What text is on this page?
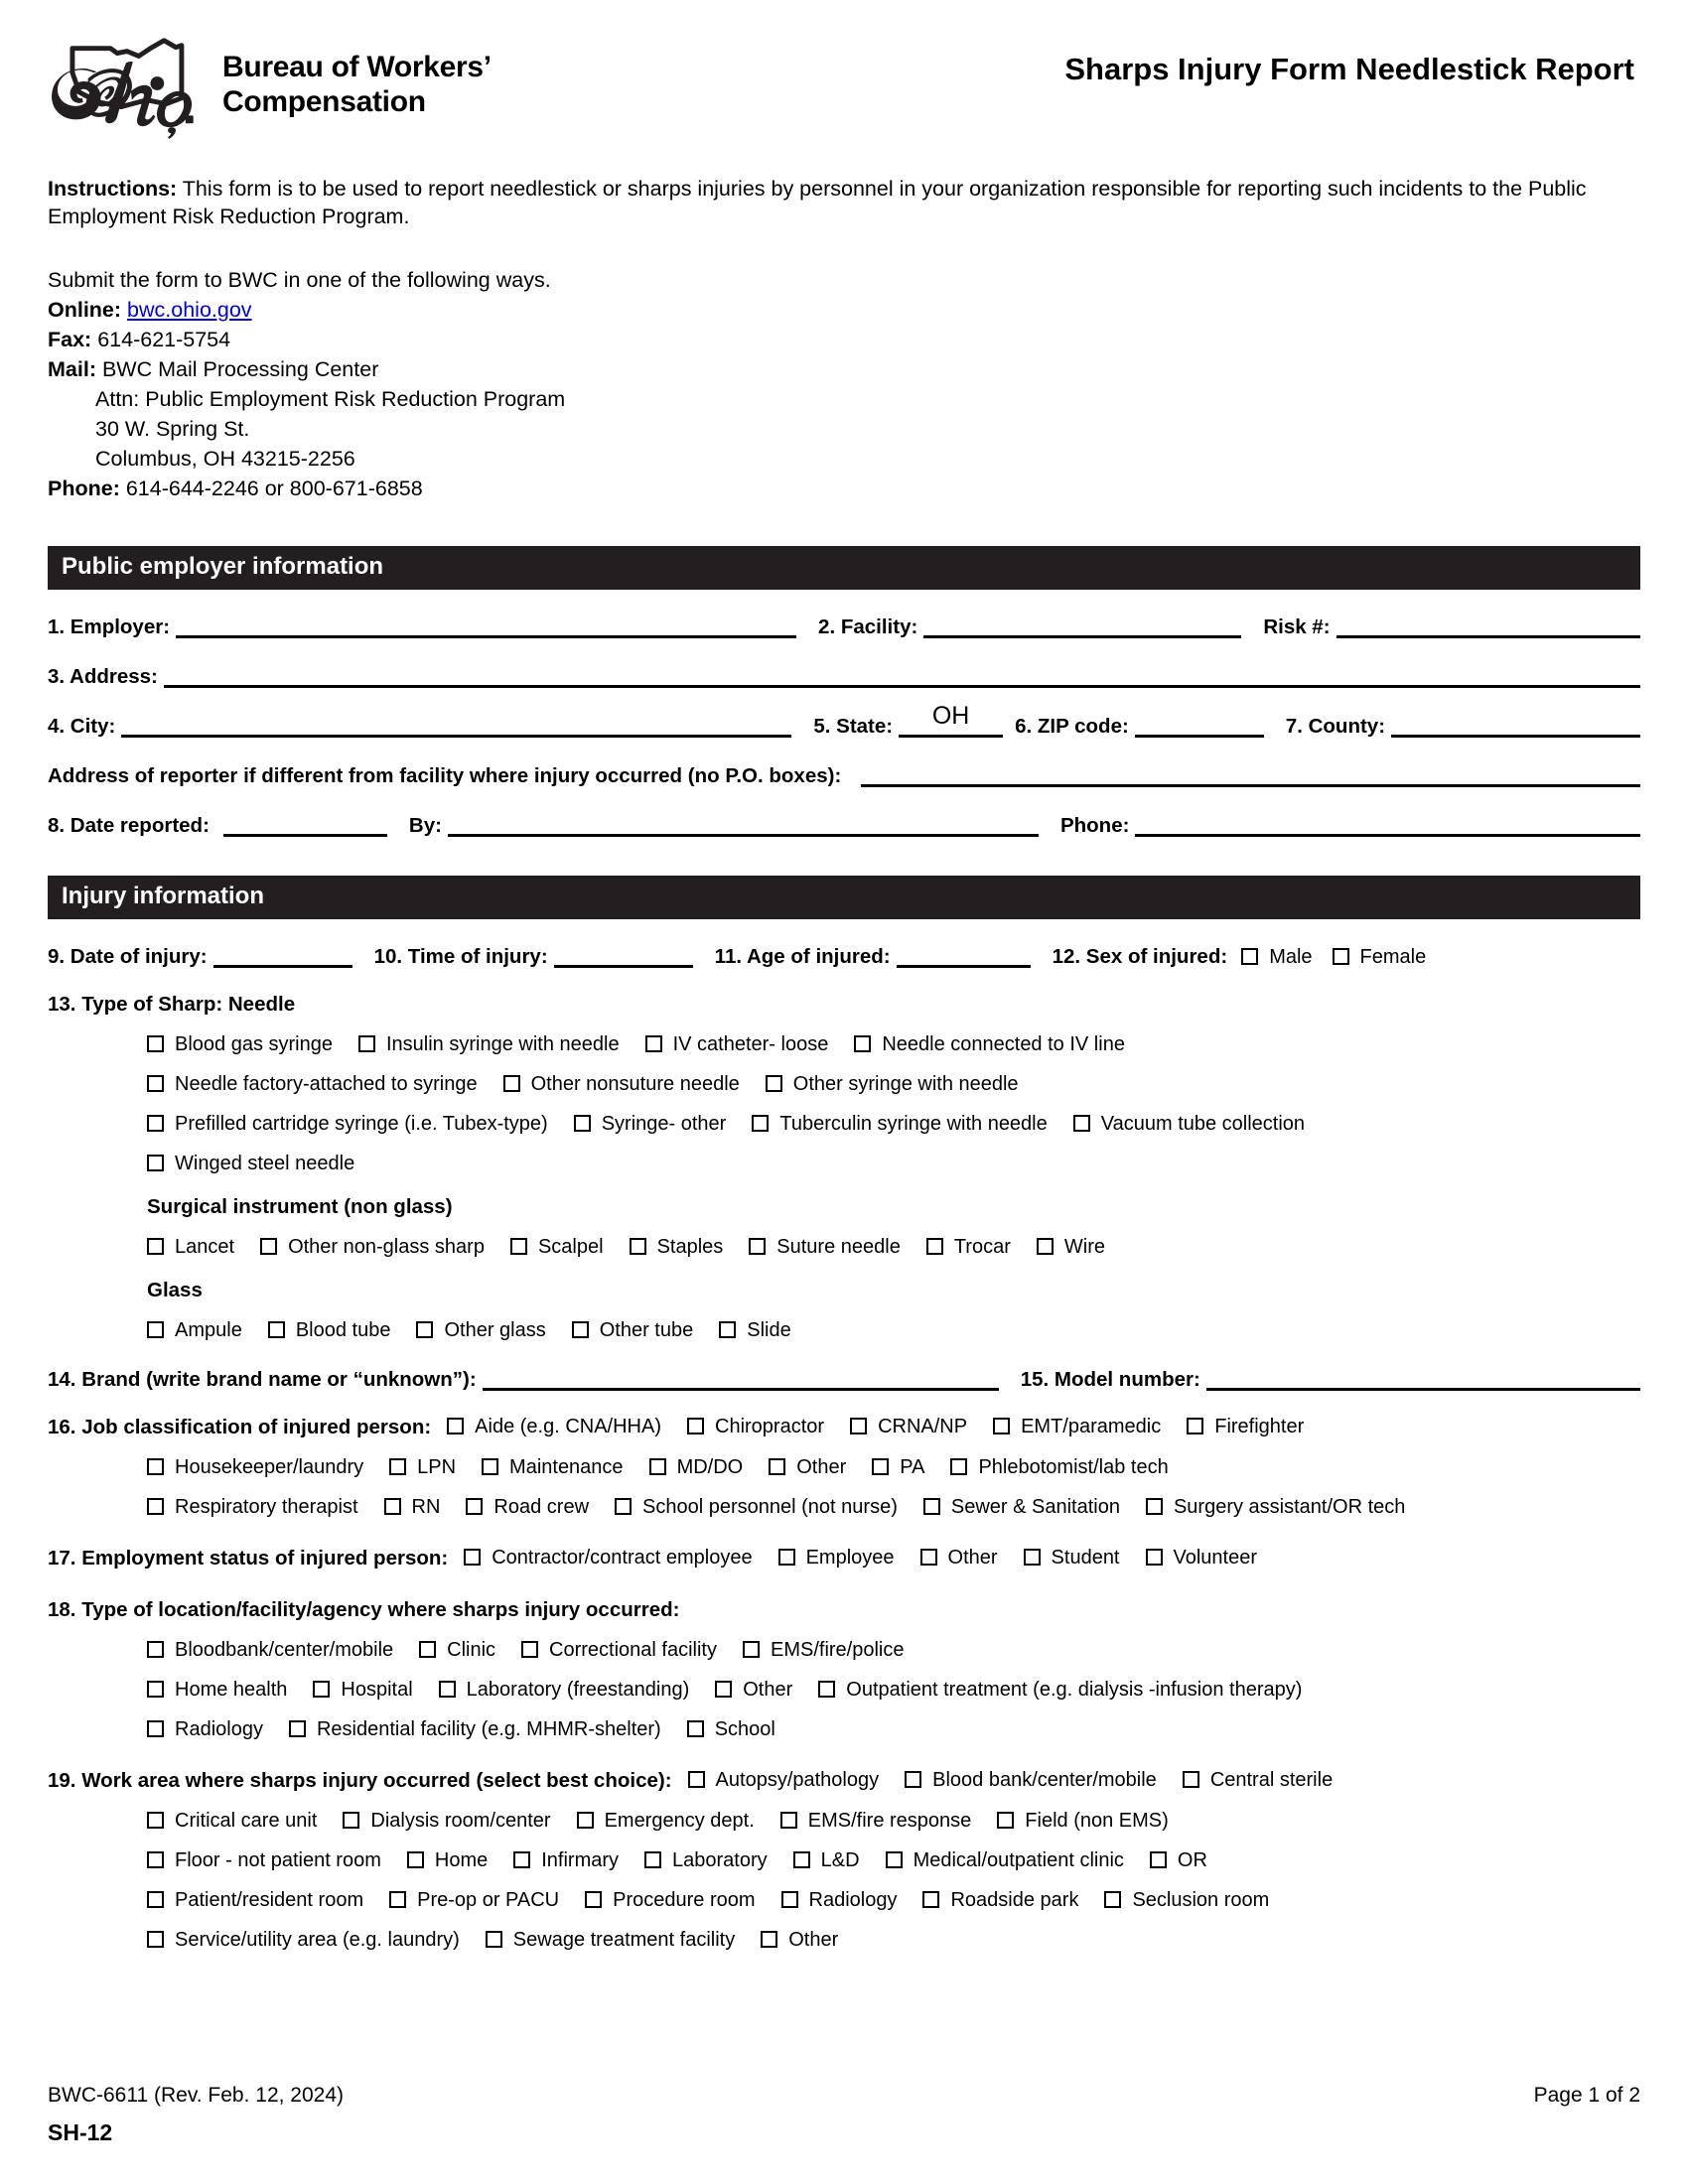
Bureau of Workers’
Compensation
Sharps Injury Form Needlestick Report
Instructions: This form is to be used to report needlestick or sharps injuries by personnel in your organization responsible for reporting such incidents to the Public Employment Risk Reduction Program.
Submit the form to BWC in one of the following ways.
Online: bwc.ohio.gov
Fax: 614-621-5754
Mail: BWC Mail Processing Center
Attn: Public Employment Risk Reduction Program
30 W. Spring St.
Columbus, OH 43215-2256
Phone: 614-644-2246 or 800-671-6858
Public employer information
1. Employer:	2. Facility:	Risk #:
3. Address:
4. City:	5. State:	OH	6. ZIP code:	7. County:
Address of reporter if different from facility where injury occurred (no P.O. boxes):
8. Date reported:	By:	Phone:
Injury information
9. Date of injury:	10. Time of injury:	11. Age of injured:	12. Sex of injured: Male Female
13. Type of Sharp: Needle
Blood gas syringe	Insulin syringe with needle	IV catheter- loose	Needle connected to IV line
Needle factory-attached to syringe	Other nonsuture needle	Other syringe with needle
Prefilled cartridge syringe (i.e. Tubex-type)	Syringe- other	Tuberculin syringe with needle	Vacuum tube collection
Winged steel needle
Surgical instrument (non glass)
Lancet	Other non-glass sharp	Scalpel	Staples	Suture needle	Trocar	Wire
Glass
Ampule	Blood tube	Other glass	Other tube	Slide
14. Brand (write brand name or “unknown”):	15. Model number:
16. Job classification of injured person: Aide (e.g. CNA/HHA)	Chiropractor	CRNA/NP	EMT/paramedic	Firefighter
Housekeeper/laundry	LPN	Maintenance	MD/DO	Other	PA	Phlebotomist/lab tech
Respiratory therapist	RN	Road crew	School personnel (not nurse)	Sewer & Sanitation	Surgery assistant/OR tech
17. Employment status of injured person: Contractor/contract employee	Employee	Other	Student	Volunteer
18. Type of location/facility/agency where sharps injury occurred:
Bloodbank/center/mobile	Clinic	Correctional facility	EMS/fire/police
Home health	Hospital	Laboratory (freestanding)	Other	Outpatient treatment (e.g. dialysis -infusion therapy)
Radiology	Residential facility (e.g. MHMR-shelter)	School
19. Work area where sharps injury occurred (select best choice): Autopsy/pathology	Blood bank/center/mobile	Central sterile
Critical care unit	Dialysis room/center	Emergency dept.	EMS/fire response	Field (non EMS)
Floor - not patient room	Home	Infirmary	Laboratory	L&D	Medical/outpatient clinic	OR
Patient/resident room	Pre-op or PACU	Procedure room	Radiology	Roadside park	Seclusion room
Service/utility area (e.g. laundry)	Sewage treatment facility	Other
BWC-6611 (Rev. Feb. 12, 2024)	Page 1 of 2
SH-12
